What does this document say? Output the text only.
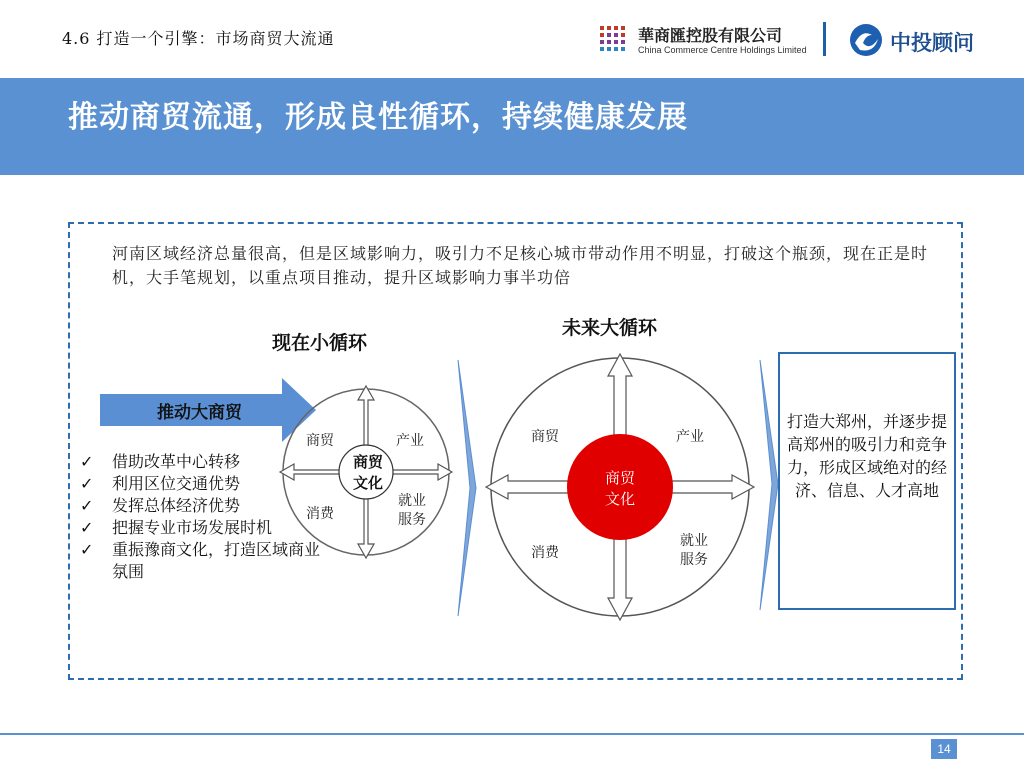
4.6 打造一个引擎：市场商贸大流通	華商匯控股有限公司
China Commerce Centre Holdings Limited	中投顾问
推动商贸流通，形成良性循环，持续健康发展
河南区域经济总量很高，但是区域影响力，吸引力不足核心城市带动作用不明显，打破这个瓶颈，现在正是时机，大手笔规划，以重点项目推动，提升区域影响力事半功倍
现在小循环
未来大循环
推动大商贸
✓ 借助改革中心转移
✓ 利用区位交通优势
✓ 发挥总体经济优势
✓ 把握专业市场发展时机
✓ 重振豫商文化，打造区域商业氛围
商贸	产业
消费
就业
服务
商贸
文化
商贸	产业
消费
就业
服务
商贸
文化
打造大郑州，并逐步提高郑州的吸引力和竞争力，形成区域绝对的经济、信息、人才高地
14
